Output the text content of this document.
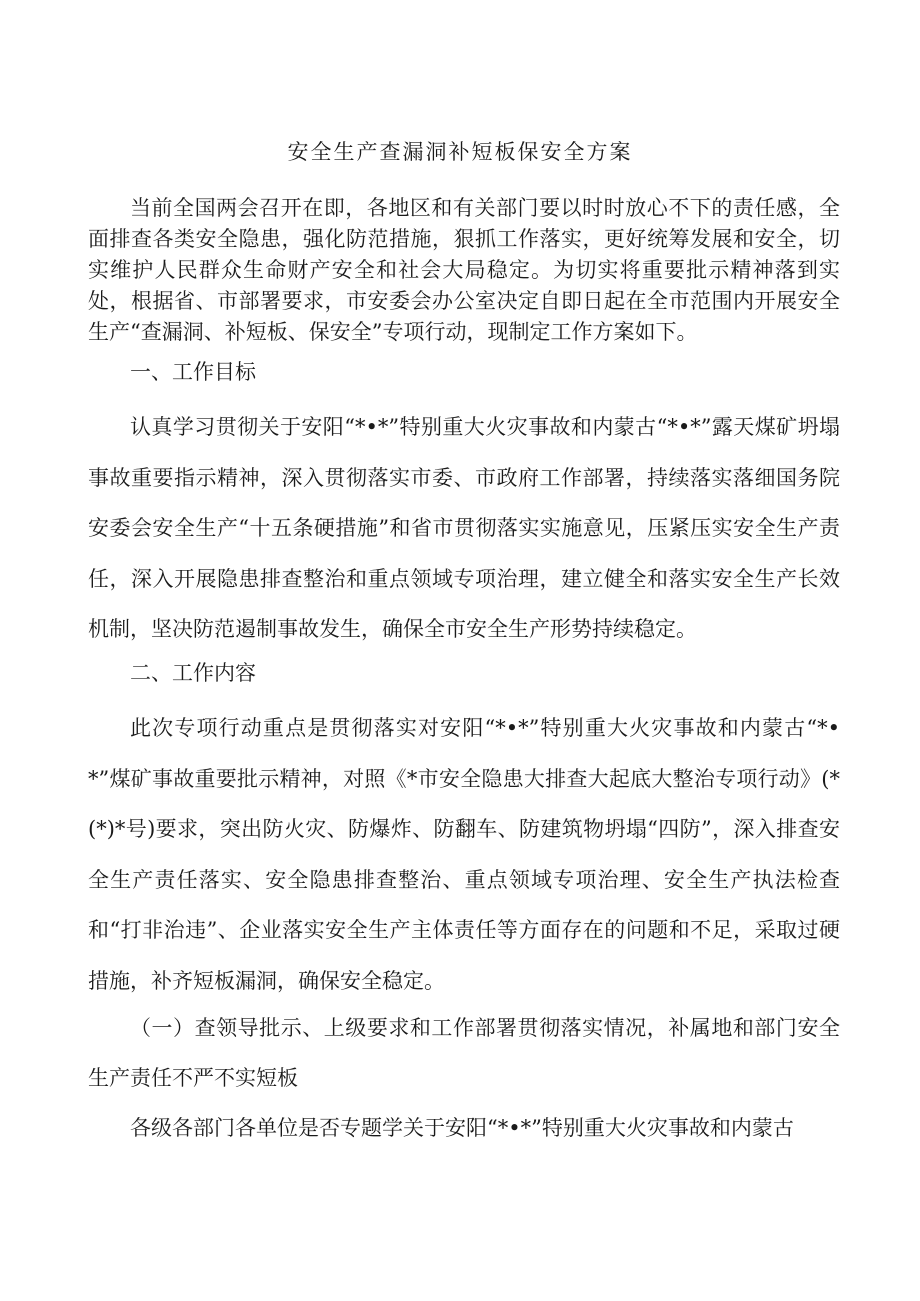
安全生产查漏洞补短板保安全方案

当前全国两会召开在即，各地区和有关部门要以时时放心不下的责任感，全面排查各类安全隐患，强化防范措施，狠抓工作落实，更好统筹发展和安全，切实维护人民群众生命财产安全和社会大局稳定。为切实将重要批示精神落到实处，根据省、市部署要求，市安委会办公室决定自即日起在全市范围内开展安全生产“查漏洞、补短板、保安全”专项行动，现制定工作方案如下。

一、工作目标

认真学习贯彻关于安阳“*•*”特别重大火灾事故和内蒙古“*•*”露天煤矿坍塌事故重要指示精神，深入贯彻落实市委、市政府工作部署，持续落实落细国务院安委会安全生产“十五条硬措施”和省市贯彻落实实施意见，压紧压实安全生产责任，深入开展隐患排查整治和重点领域专项治理，建立健全和落实安全生产长效机制，坚决防范遏制事故发生，确保全市安全生产形势持续稳定。

二、工作内容

此次专项行动重点是贯彻落实对安阳“*•*”特别重大火灾事故和内蒙古“*•*”煤矿事故重要批示精神，对照《*市安全隐患大排查大起底大整治专项行动》(*(*)*号)要求，突出防火灾、防爆炸、防翻车、防建筑物坍塌“四防”，深入排查安全生产责任落实、安全隐患排查整治、重点领域专项治理、安全生产执法检查和“打非治违”、企业落实安全生产主体责任等方面存在的问题和不足，采取过硬措施，补齐短板漏洞，确保安全稳定。

（一）查领导批示、上级要求和工作部署贯彻落实情况，补属地和部门安全生产责任不严不实短板

各级各部门各单位是否专题学关于安阳“*•*”特别重大火灾事故和内蒙古
